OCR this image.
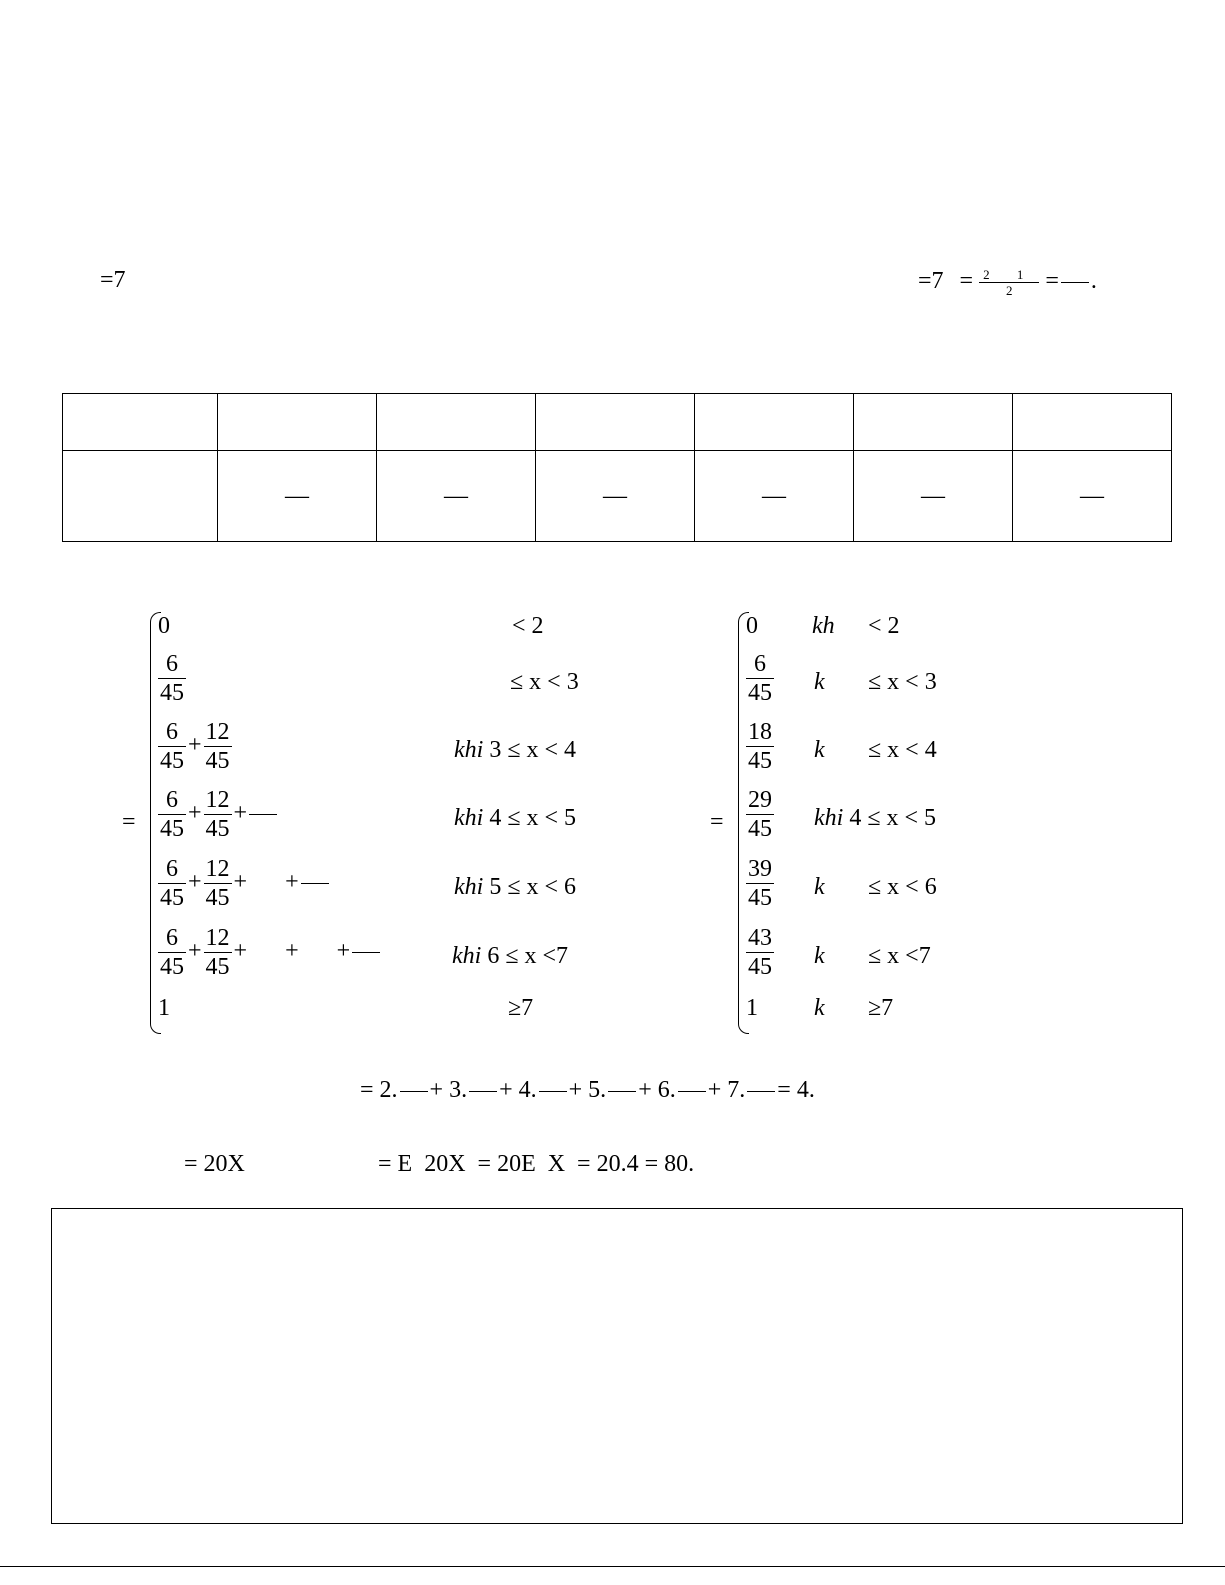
=7	$=7 = \frac{2 1}{2}$ = .

	—	—	—	—	—	—
=
0	< 2
$\frac{6}{45}$	≤ x < 3
$\frac{6}{45} + \frac{12}{45}$	khi 3 ≤ x < 4
$\frac{6}{45} + \frac{12}{45}$ +	khi 4 ≤ x < 5
$\frac{6}{45} + \frac{12}{45}$ + +	khi 5 ≤ x < 6
$\frac{6}{45} + \frac{12}{45}$ + + +	khi 6 ≤ x <7
1	≥7
=
0 kh < 2
$\frac{6}{45}$ k ≤ x < 3
$\frac{18}{45}$ k ≤ x < 4
$\frac{29}{45}$ khi 4 ≤ x < 5
$\frac{39}{45}$ k ≤ x < 6
$\frac{43}{45}$ k ≤ x <7
1 k ≥7
= 2. + 3. + 4. + 5. + 6. + 7. = 4.
= 20X	= E  20X  = 20E  X  = 20.4 = 80.
